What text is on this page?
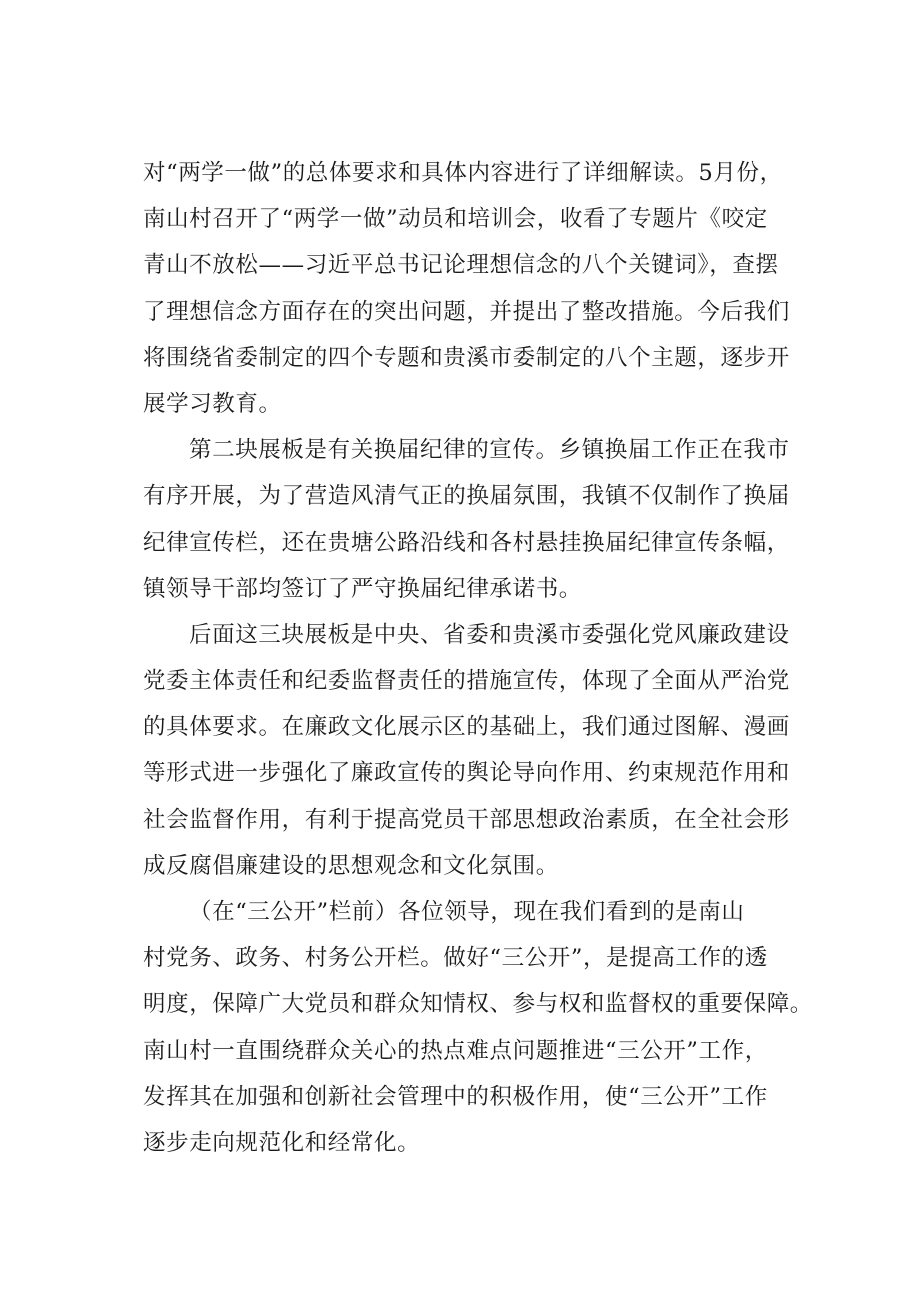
对“两学一做”的总体要求和具体内容进行了详细解读。5月份，
南山村召开了“两学一做”动员和培训会，收看了专题片《咬定
青山不放松——习近平总书记论理想信念的八个关键词》，查摆
了理想信念方面存在的突出问题，并提出了整改措施。今后我们
将围绕省委制定的四个专题和贵溪市委制定的八个主题，逐步开
展学习教育。
第二块展板是有关换届纪律的宣传。乡镇换届工作正在我市
有序开展，为了营造风清气正的换届氛围，我镇不仅制作了换届
纪律宣传栏，还在贵塘公路沿线和各村悬挂换届纪律宣传条幅，
镇领导干部均签订了严守换届纪律承诺书。
后面这三块展板是中央、省委和贵溪市委强化党风廉政建设
党委主体责任和纪委监督责任的措施宣传，体现了全面从严治党
的具体要求。在廉政文化展示区的基础上，我们通过图解、漫画
等形式进一步强化了廉政宣传的舆论导向作用、约束规范作用和
社会监督作用，有利于提高党员干部思想政治素质，在全社会形
成反腐倡廉建设的思想观念和文化氛围。
（在“三公开”栏前）各位领导，现在我们看到的是南山
村党务、政务、村务公开栏。做好“三公开”，是提高工作的透
明度，保障广大党员和群众知情权、参与权和监督权的重要保障。
南山村一直围绕群众关心的热点难点问题推进“三公开”工作，
发挥其在加强和创新社会管理中的积极作用，使“三公开”工作
逐步走向规范化和经常化。
